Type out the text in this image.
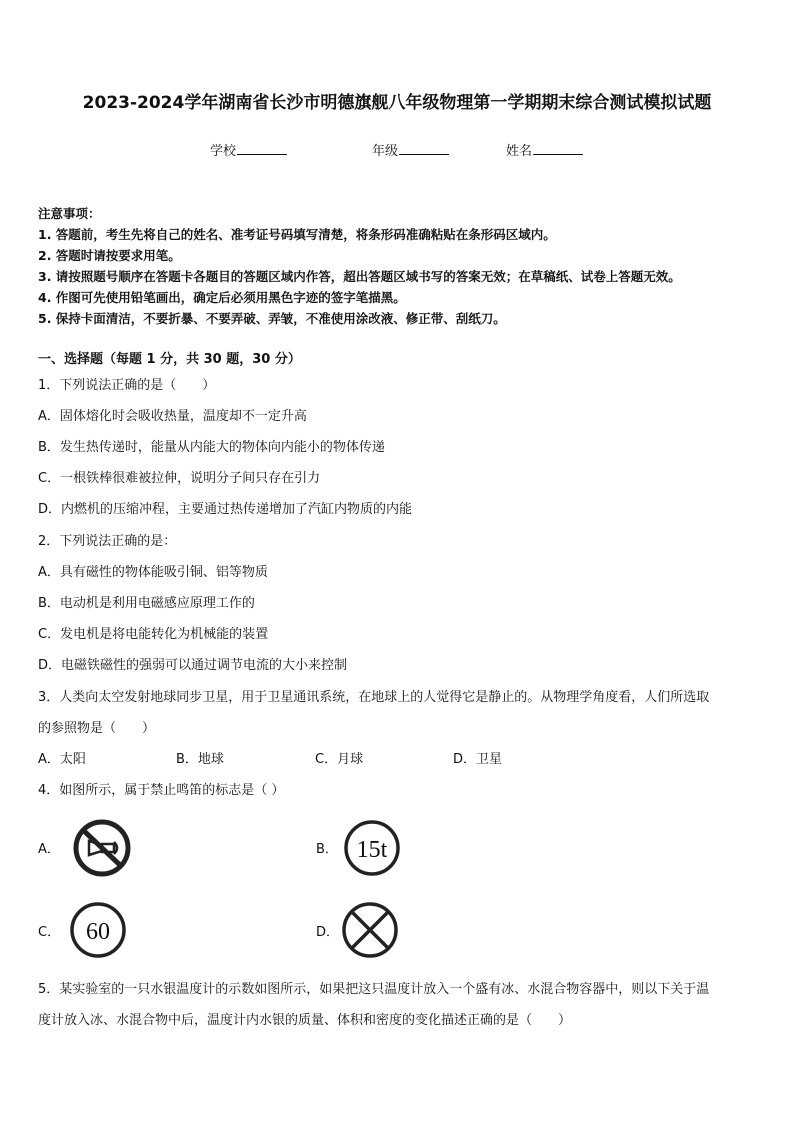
2023-2024学年湖南省长沙市明德旗舰八年级物理第一学期期末综合测试模拟试题
学校	年级	姓名
注意事项：
1. 答题前，考生先将自己的姓名、准考证号码填写清楚，将条形码准确粘贴在条形码区域内。
2. 答题时请按要求用笔。
3. 请按照题号顺序在答题卡各题目的答题区域内作答，超出答题区域书写的答案无效；在草稿纸、试卷上答题无效。
4. 作图可先使用铅笔画出，确定后必须用黑色字迹的签字笔描黑。
5. 保持卡面清洁，不要折暴、不要弄破、弄皱，不准使用涂改液、修正带、刮纸刀。
一、选择题（每题 1 分，共 30 题，30 分）
1．下列说法正确的是（　　）
A．固体熔化时会吸收热量，温度却不一定升高
B．发生热传递时，能量从内能大的物体向内能小的物体传递
C．一根铁棒很难被拉伸，说明分子间只存在引力
D．内燃机的压缩冲程，主要通过热传递增加了汽缸内物质的内能
2．下列说法正确的是：
A．具有磁性的物体能吸引铜、铝等物质
B．电动机是利用电磁感应原理工作的
C．发电机是将电能转化为机械能的装置
D．电磁铁磁性的强弱可以通过调节电流的大小来控制
3．人类向太空发射地球同步卫星，用于卫星通讯系统，在地球上的人觉得它是静止的。从物理学角度看，人们所选取
的参照物是（　　）
A．太阳	B．地球	C．月球	D．卫星
4．如图所示，属于禁止鸣笛的标志是（ ）
A．	B． 15t
C． 60	D．
5．某实验室的一只水银温度计的示数如图所示，如果把这只温度计放入一个盛有冰、水混合物容器中，则以下关于温
度计放入冰、水混合物中后，温度计内水银的质量、体积和密度的变化描述正确的是（　　）
